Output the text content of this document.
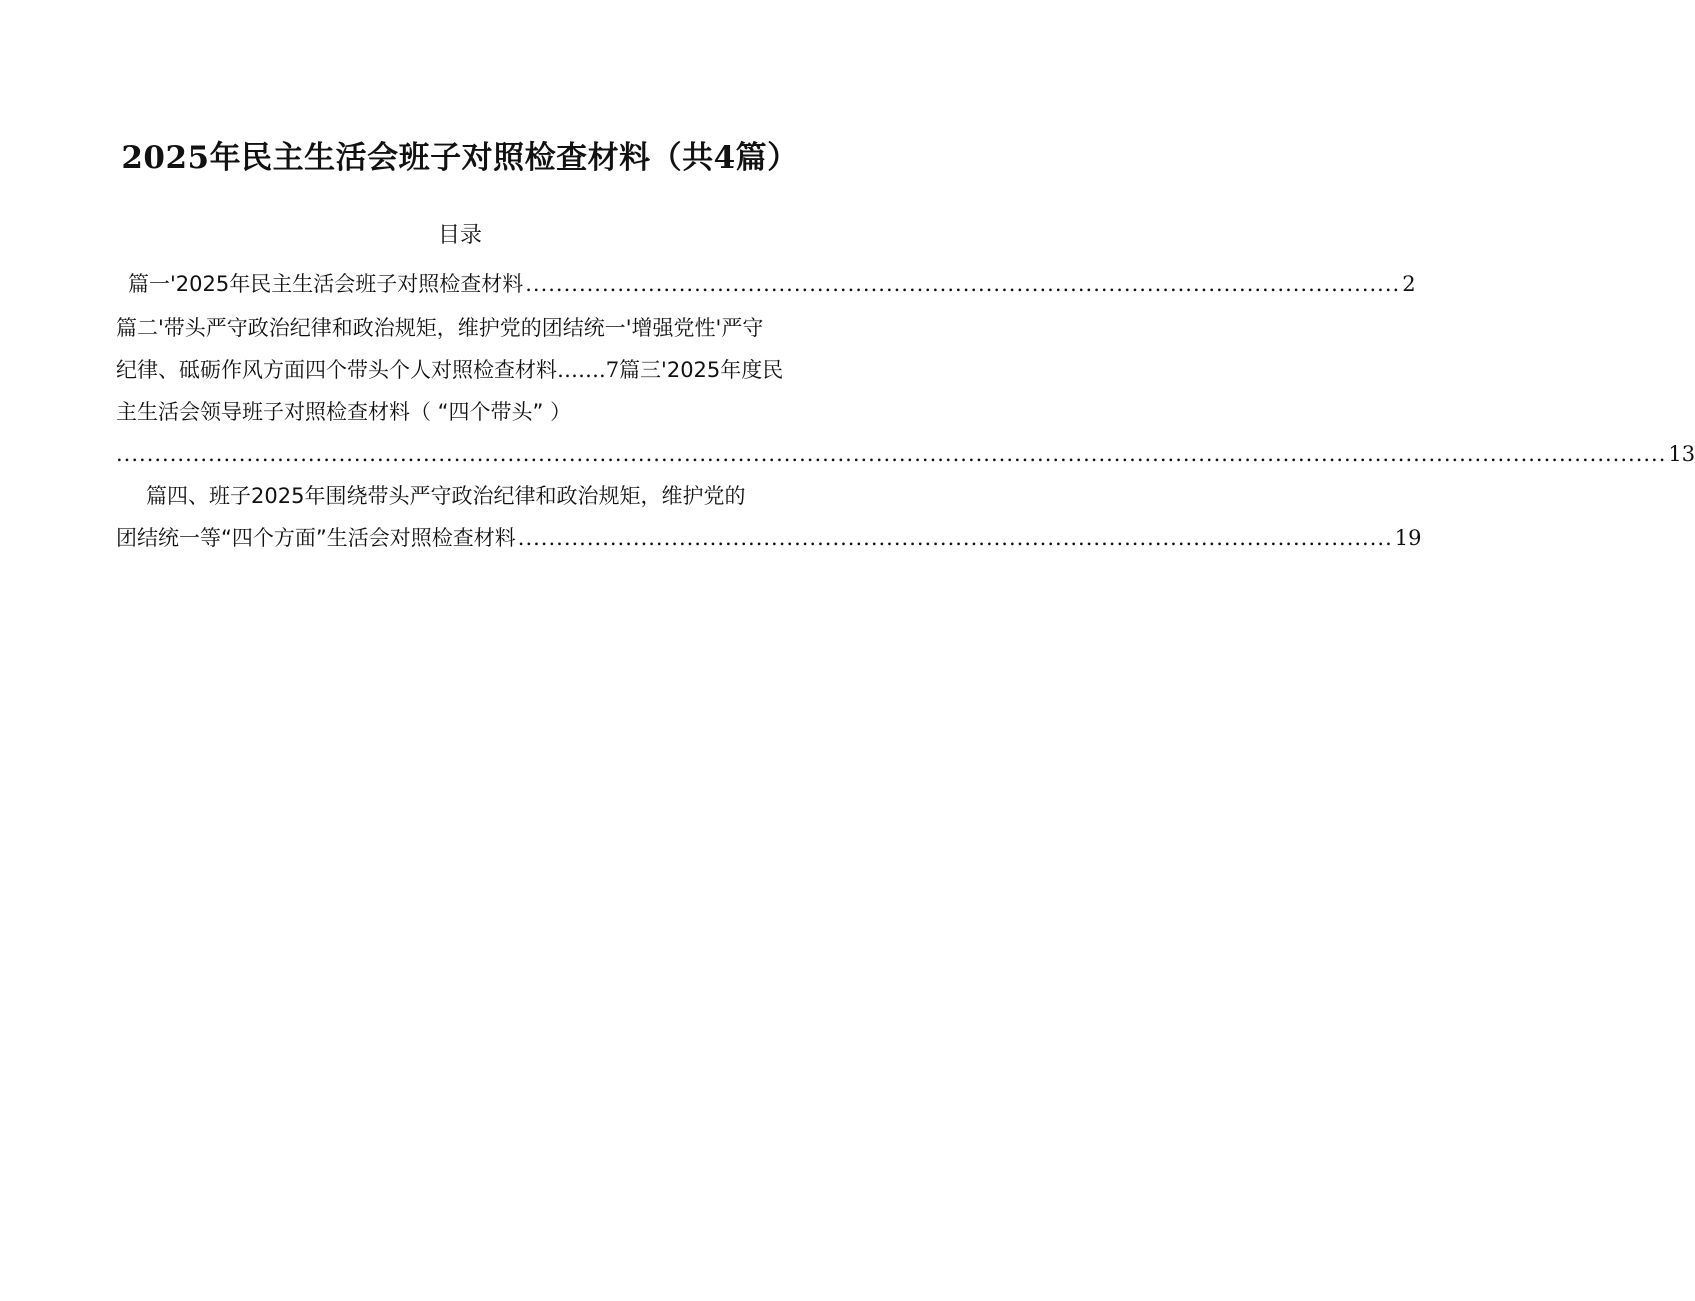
2025年民主生活会班子对照检查材料（共4篇）
目录
篇一'2025年民主生活会班子对照检查材料 .................................................................................................................. 2
篇二'带头严守政治纪律和政治规矩，维护党的团结统一'增强党性'严守
纪律、砥砺作风方面四个带头个人对照检查材料…….7篇三'2025年度民
主生活会领导班子对照检查材料（ “四个带头” ）
.......................................................................................................................................................................................................... 13
篇四、班子2025年围绕带头严守政治纪律和政治规矩，维护党的
团结统一等“四个方面”生活会对照检查材料 .................................................................................................................. 19
